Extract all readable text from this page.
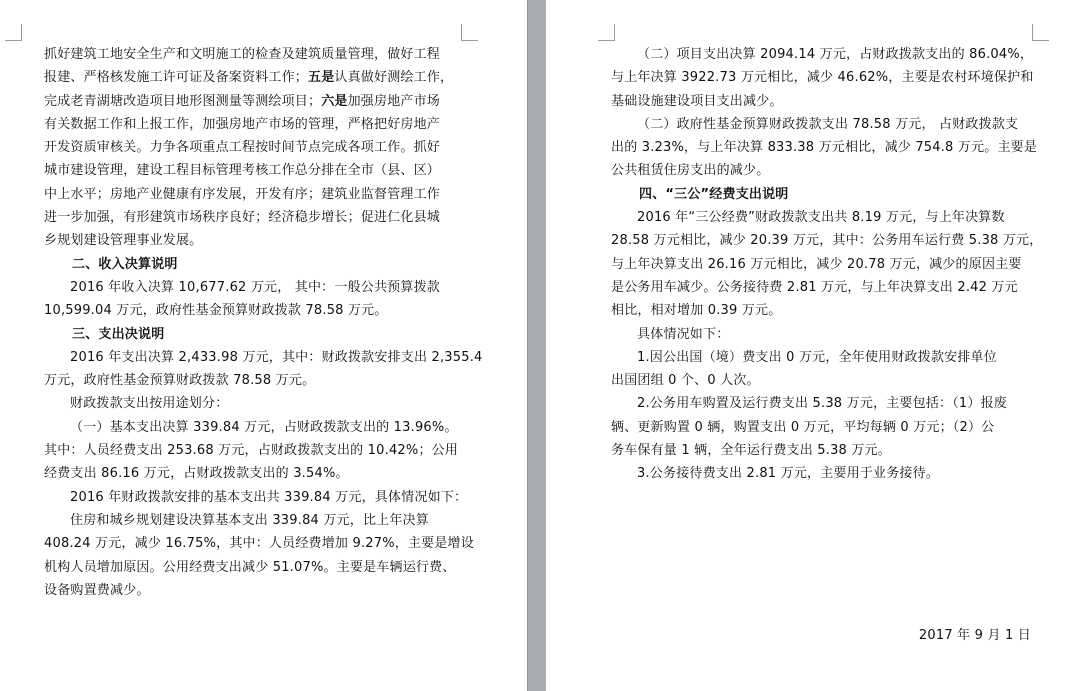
抓好建筑工地安全生产和文明施工的检查及建筑质量管理，做好工程
报建、严格核发施工许可证及备案资料工作；五是认真做好测绘工作，
完成老青湖塘改造项目地形图测量等测绘项目；六是加强房地产市场
有关数据工作和上报工作，加强房地产市场的管理，严格把好房地产
开发资质审核关。力争各项重点工程按时间节点完成各项工作。抓好
城市建设管理，建设工程目标管理考核工作总分排在全市（县、区）
中上水平；房地产业健康有序发展，开发有序；建筑业监督管理工作
进一步加强，有形建筑市场秩序良好；经济稳步增长；促进仁化县城
乡规划建设管理事业发展。
二、收入决算说明
2016 年收入决算 10,677.62 万元， 其中：一般公共预算拨款
10,599.04 万元，政府性基金预算财政拨款 78.58 万元。
三、支出决说明
2016 年支出决算 2,433.98 万元，其中：财政拨款安排支出 2,355.4
万元，政府性基金预算财政拨款 78.58 万元。
财政拨款支出按用途划分：
（一）基本支出决算 339.84 万元，占财政拨款支出的 13.96%。
其中：人员经费支出 253.68 万元，占财政拨款支出的 10.42%；公用
经费支出 86.16 万元，占财政拨款支出的 3.54%。
2016 年财政拨款安排的基本支出共 339.84 万元，具体情况如下：
住房和城乡规划建设决算基本支出 339.84 万元，比上年决算
408.24 万元，减少 16.75%，其中：人员经费增加 9.27%，主要是增设
机构人员增加原因。公用经费支出减少 51.07%。主要是车辆运行费、
设备购置费减少。
（二）项目支出决算 2094.14 万元，占财政拨款支出的 86.04%，
与上年决算 3922.73 万元相比，减少 46.62%，主要是农村环境保护和
基础设施建设项目支出减少。
（二）政府性基金预算财政拨款支出 78.58 万元， 占财政拨款支
出的 3.23%，与上年决算 833.38 万元相比，减少 754.8 万元。主要是
公共租赁住房支出的减少。
四、“三公”经费支出说明
2016 年“三公经费”财政拨款支出共 8.19 万元，与上年决算数
28.58 万元相比，减少 20.39 万元，其中：公务用车运行费 5.38 万元，
与上年决算支出 26.16 万元相比，减少 20.78 万元，减少的原因主要
是公务用车减少。公务接待费 2.81 万元，与上年决算支出 2.42 万元
相比，相对增加 0.39 万元。
具体情况如下：
1.因公出国（境）费支出 0 万元，全年使用财政拨款安排单位
出国团组 0 个、0 人次。
2.公务用车购置及运行费支出 5.38 万元，主要包括：（1）报废
辆、更新购置 0 辆，购置支出 0 万元，平均每辆 0 万元；（2）公
务车保有量 1 辆，全年运行费支出 5.38 万元。
3.公务接待费支出 2.81 万元，主要用于业务接待。
2017 年 9 月 1 日
